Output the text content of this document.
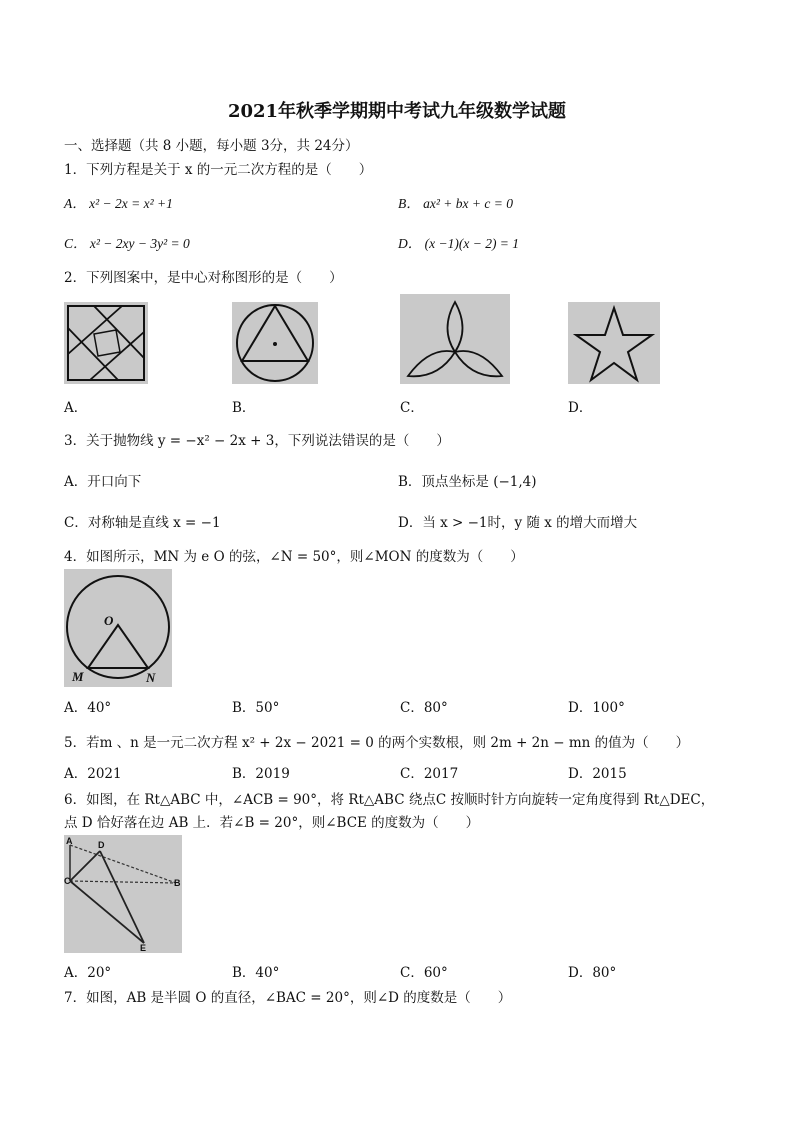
2021年秋季学期期中考试九年级数学试题
一、选择题（共 8 小题，每小题 3分，共 24分）
1．下列方程是关于 x 的一元二次方程的是（　　）
A． x² − 2x = x² +1	B． ax² + bx + c = 0
C． x² − 2xy − 3y² = 0	D． (x −1)(x − 2) = 1
2．下列图案中，是中心对称图形的是（　　）
A．	B．	C．	D．
3．关于抛物线 y = −x² − 2x + 3，下列说法错误的是（　　）
A．开口向下	B．顶点坐标是 (−1,4)
C．对称轴是直线 x = −1	D．当 x > −1时，y 随 x 的增大而增大
4．如图所示，MN 为 e O 的弦，∠N = 50°，则∠MON 的度数为（　　）
O
M	N
A．40°	B．50°	C．80°	D．100°
5．若m 、n 是一元二次方程 x² + 2x − 2021 = 0 的两个实数根，则 2m + 2n − mn 的值为（　　）
A．2021	B．2019	C．2017	D．2015
6．如图，在 Rt△ABC 中，∠ACB = 90°，将 Rt△ABC 绕点C 按顺时针方向旋转一定角度得到 Rt△DEC，
点 D 恰好落在边 AB 上．若∠B = 20°，则∠BCE 的度数为（　　）
A	D
C	B
E
A．20°	B．40°	C．60°	D．80°
7．如图，AB 是半圆 O 的直径，∠BAC = 20°，则∠D 的度数是（　　）
